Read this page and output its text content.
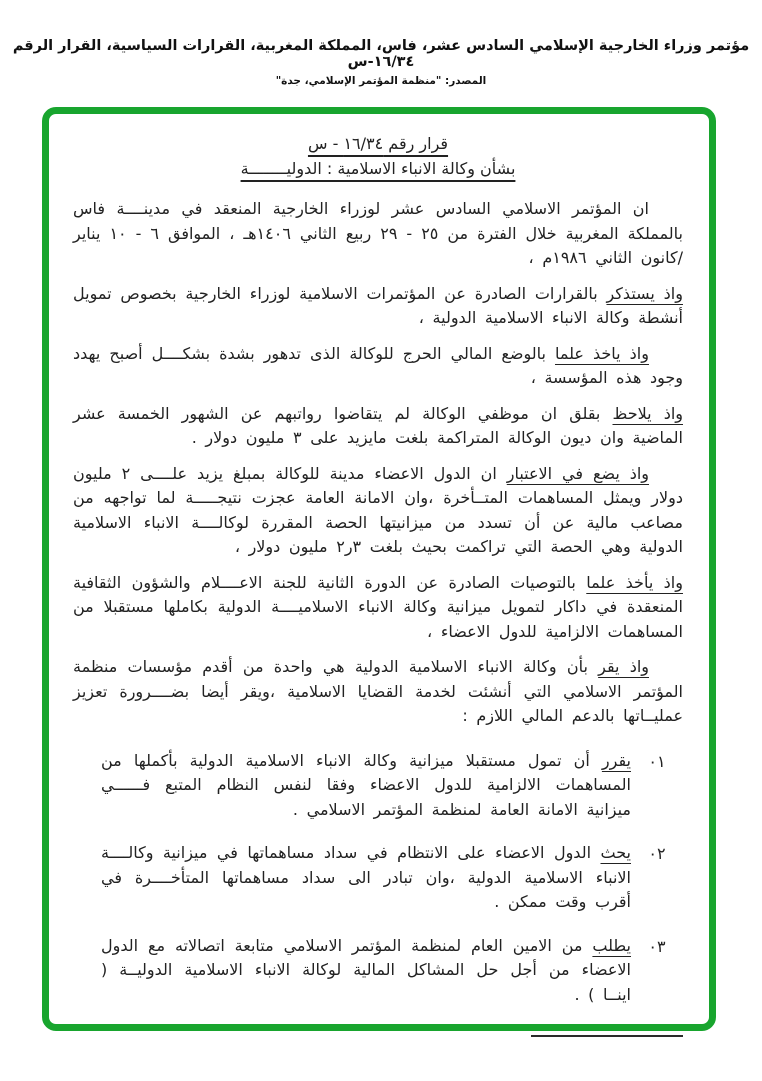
مؤتمر وزراء الخارجية الإسلامي السادس عشر، فاس، المملكة المغربية، القرارات السياسية، القرار الرقم ١٦/٣٤-س
المصدر: "منظمة المؤتمر الإسلامي، جدة"
قرار رقم ١٦/٣٤ - س
بشأن وكالة الانباء الاسلامية : الدوليــــــــة
ان المؤتمر الاسلامي السادس عشر لوزراء الخارجية المنعقد في مدينــــة فاس بالمملكة المغربية خلال الفترة من ٢٥ - ٢٩ ربيع الثاني ١٤٠٦هـ ، الموافق ٦ - ١٠ يناير /كانون الثاني ١٩٨٦م ،
واذ يستذكر بالقرارات الصادرة عن المؤتمرات الاسلامية لوزراء الخارجية بخصوص تمويل أنشطة وكالة الانباء الاسلامية الدولية ،
واذ ياخذ علما بالوضع المالي الحرج للوكالة الذى تدهور بشدة بشكــــل أصبح يهدد وجود هذه المؤسسة ،
واذ يلاحظ بقلق ان موظفي الوكالة لم يتقاضوا رواتبهم عن الشهور الخمسة عشر الماضية وان ديون الوكالة المتراكمة بلغت مايزيد على ٣ مليون دولار .
واذ يضع في الاعتبار ان الدول الاعضاء مدينة للوكالة بمبلغ يزيد علــــى ٢ مليون دولار ويمثل المساهمات المتــأخرة ،وان الامانة العامة عجزت نتيجـــــة لما تواجهه من مصاعب مالية عن أن تسدد من ميزانيتها الحصة المقررة لوكالــــة الانباء الاسلامية الدولية وهي الحصة التي تراكمت بحيث بلغت ٣ر٢ مليون دولار ،
واذ يأخذ علما بالتوصيات الصادرة عن الدورة الثانية للجنة الاعــــلام والشؤون الثقافية المنعقدة في داكار لتمويل ميزانية وكالة الانباء الاسلاميــــة الدولية بكاملها مستقبلا من المساهمات الالزامية للدول الاعضاء ،
واذ يقر بأن وكالة الانباء الاسلامية الدولية هي واحدة من أقدم مؤسسات منظمة المؤتمر الاسلامي التي أنشئت لخدمة القضايا الاسلامية ،ويقر أيضا بضــــرورة تعزيز عمليــاتها بالدعم المالي اللازم :
٠١
يقرر أن تمول مستقبلا ميزانية وكالة الانباء الاسلامية الدولية بأكملها من المساهمات الالزامية للدول الاعضاء وفقا لنفس النظام المتبع فــــــي ميزانية الامانة العامة لمنظمة المؤتمر الاسلامي .
٠٢
يحث الدول الاعضاء على الانتظام في سداد مساهماتها في ميزانية وكالــــة الانباء الاسلامية الدولية ،وان تبادر الى سداد مساهماتها المتأخــــرة في أقرب وقت ممكن .
٠٣
يطلب من الامين العام لمنظمة المؤتمر الاسلامي متابعة اتصالاته مع الدول الاعضاء من أجل حل المشاكل المالية لوكالة الانباء الاسلامية الدوليــة ( اينــا ) .
